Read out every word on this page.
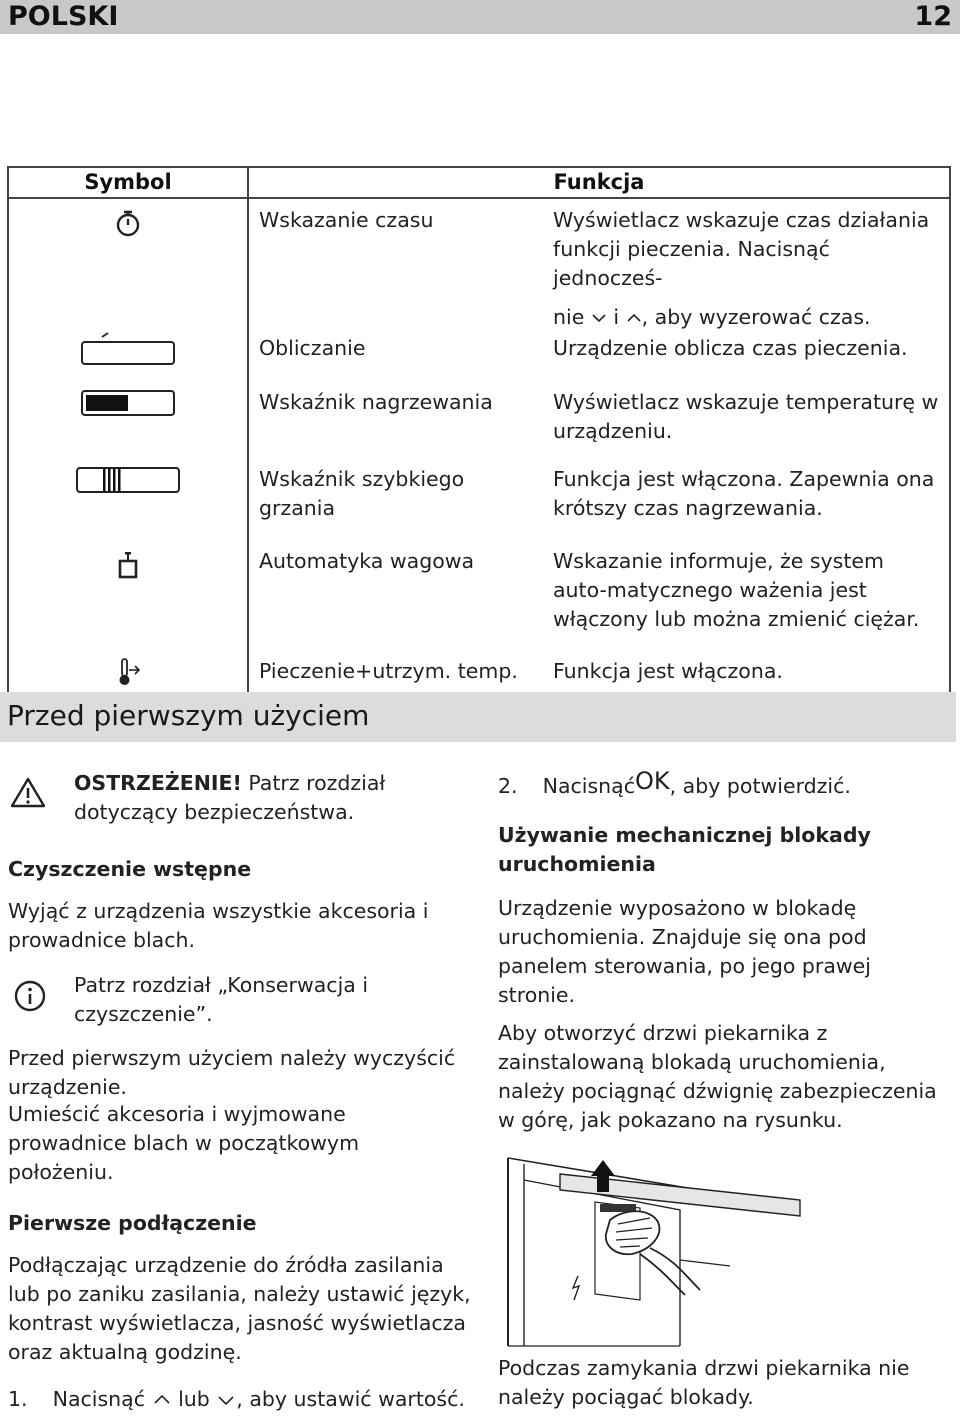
POLSKI	12
Symbol	Funkcja	
	Wskazanie czasu	Wyświetlacz wskazuje czas działania funkcji pieczenia. Nacisnąć jednocześ-
nie i , aby wyzerować czas.
	Obliczanie	Urządzenie oblicza czas pieczenia.
	Wskaźnik nagrzewania	Wyświetlacz wskazuje temperaturę w urządzeniu.
	Wskaźnik szybkiego grzania	Funkcja jest włączona. Zapewnia ona krótszy czas nagrzewania.
	Automatyka wagowa	Wskazanie informuje, że system auto-matycznego ważenia jest włączony lub można zmienić ciężar.
	Pieczenie+utrzym. temp.	Funkcja jest włączona.
Przed pierwszym użyciem
OSTRZEŻENIE! Patrz rozdział dotyczący bezpieczeństwa.
Czyszczenie wstępne
Wyjąć z urządzenia wszystkie akcesoria i prowadnice blach.
Patrz rozdział „Konserwacja i czyszczenie”.
Przed pierwszym użyciem należy wyczyścić urządzenie.
Umieścić akcesoria i wyjmowane prowadnice blach w początkowym położeniu.
Pierwsze podłączenie
Podłączając urządzenie do źródła zasilania lub po zaniku zasilania, należy ustawić język, kontrast wyświetlacza, jasność wyświetlacza oraz aktualną godzinę.
1. Nacisnąć lub , aby ustawić wartość.
2. NacisnąćOK, aby potwierdzić.
Używanie mechanicznej blokady uruchomienia
Urządzenie wyposażono w blokadę uruchomienia. Znajduje się ona pod panelem sterowania, po jego prawej stronie.
Aby otworzyć drzwi piekarnika z zainstalowaną blokadą uruchomienia, należy pociągnąć dźwignię zabezpieczenia w górę, jak pokazano na rysunku.
Podczas zamykania drzwi piekarnika nie należy pociągać blokady.
